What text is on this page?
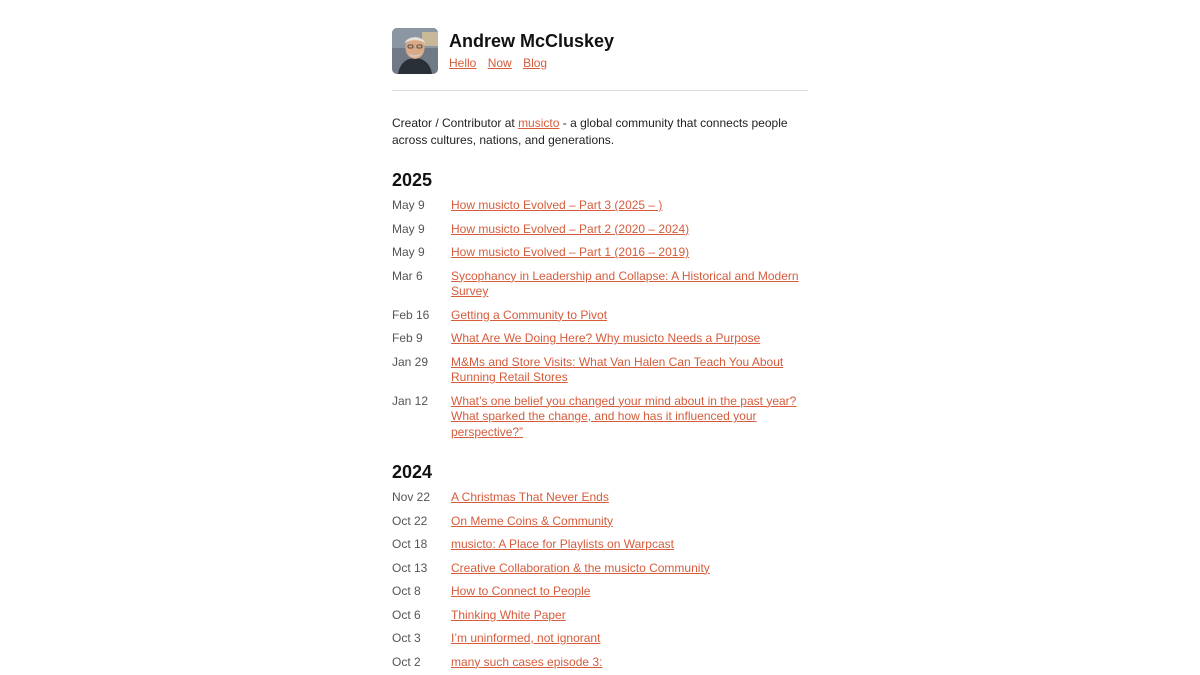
Andrew McCluskey
Hello Now Blog

Creator / Contributor at musicto - a global community that connects people across cultures, nations, and generations.

2025
May 9	How musicto Evolved – Part 3 (2025 – )
May 9	How musicto Evolved – Part 2 (2020 – 2024)
May 9	How musicto Evolved – Part 1 (2016 – 2019)
Mar 6	Sycophancy in Leadership and Collapse: A Historical and Modern Survey
Feb 16	Getting a Community to Pivot
Feb 9	What Are We Doing Here? Why musicto Needs a Purpose
Jan 29	M&Ms and Store Visits: What Van Halen Can Teach You About Running Retail Stores
Jan 12	What’s one belief you changed your mind about in the past year? What sparked the change, and how has it influenced your perspective?”
2024
Nov 22	A Christmas That Never Ends
Oct 22	On Meme Coins & Community
Oct 18	musicto: A Place for Playlists on Warpcast
Oct 13	Creative Collaboration & the musicto Community
Oct 8	How to Connect to People
Oct 6	Thinking White Paper
Oct 3	I’m uninformed, not ignorant
Oct 2	many such cases episode 3:
